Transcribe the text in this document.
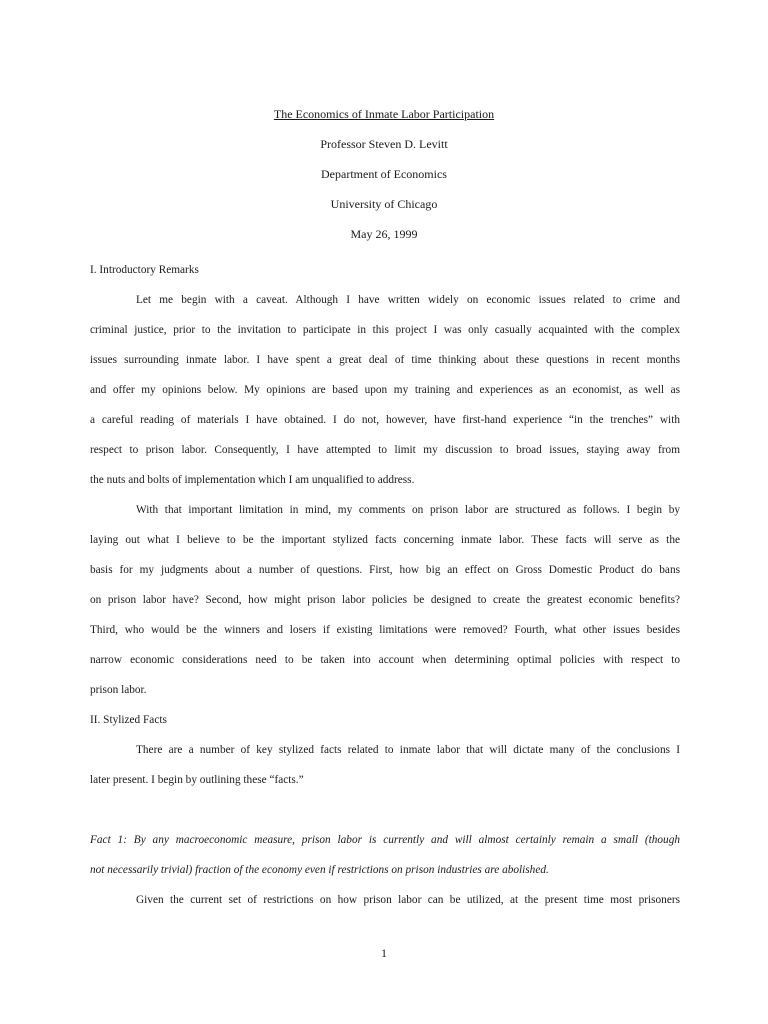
The Economics of Inmate Labor Participation
Professor Steven D. Levitt
Department of Economics
University of Chicago
May 26, 1999
I. Introductory Remarks
Let me begin with a caveat. Although I have written widely on economic issues related to crime and
criminal justice, prior to the invitation to participate in this project I was only casually acquainted with the complex
issues surrounding inmate labor. I have spent a great deal of time thinking about these questions in recent months
and offer my opinions below. My opinions are based upon my training and experiences as an economist, as well as
a careful reading of materials I have obtained. I do not, however, have first-hand experience “in the trenches” with
respect to prison labor. Consequently, I have attempted to limit my discussion to broad issues, staying away from
the nuts and bolts of implementation which I am unqualified to address.
With that important limitation in mind, my comments on prison labor are structured as follows. I begin by
laying out what I believe to be the important stylized facts concerning inmate labor. These facts will serve as the
basis for my judgments about a number of questions. First, how big an effect on Gross Domestic Product do bans
on prison labor have? Second, how might prison labor policies be designed to create the greatest economic benefits?
Third, who would be the winners and losers if existing limitations were removed? Fourth, what other issues besides
narrow economic considerations need to be taken into account when determining optimal policies with respect to
prison labor.
II. Stylized Facts
There are a number of key stylized facts related to inmate labor that will dictate many of the conclusions I
later present. I begin by outlining these “facts.”
Fact 1: By any macroeconomic measure, prison labor is currently and will almost certainly remain a small (though
not necessarily trivial) fraction of the economy even if restrictions on prison industries are abolished.
Given the current set of restrictions on how prison labor can be utilized, at the present time most prisoners
1
